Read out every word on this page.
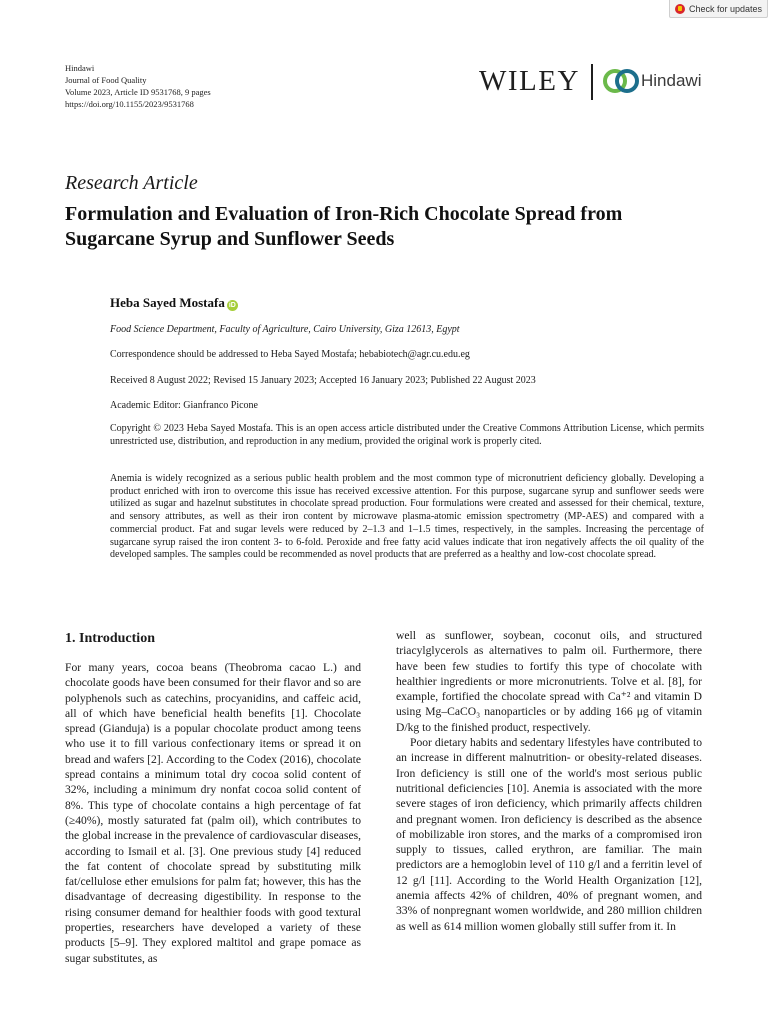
Check for updates
Hindawi
Journal of Food Quality
Volume 2023, Article ID 9531768, 9 pages
https://doi.org/10.1155/2023/9531768
WILEY	Hindawi
Research Article
Formulation and Evaluation of Iron-Rich Chocolate Spread from Sugarcane Syrup and Sunflower Seeds
Heba Sayed Mostafa iD
Food Science Department, Faculty of Agriculture, Cairo University, Giza 12613, Egypt
Correspondence should be addressed to Heba Sayed Mostafa; hebabiotech@agr.cu.edu.eg
Received 8 August 2022; Revised 15 January 2023; Accepted 16 January 2023; Published 22 August 2023
Academic Editor: Gianfranco Picone
Copyright © 2023 Heba Sayed Mostafa. This is an open access article distributed under the Creative Commons Attribution License, which permits unrestricted use, distribution, and reproduction in any medium, provided the original work is properly cited.
Anemia is widely recognized as a serious public health problem and the most common type of micronutrient deficiency globally. Developing a product enriched with iron to overcome this issue has received excessive attention. For this purpose, sugarcane syrup and sunflower seeds were utilized as sugar and hazelnut substitutes in chocolate spread production. Four formulations were created and assessed for their chemical, texture, and sensory attributes, as well as their iron content by microwave plasma-atomic emission spectrometry (MP-AES) and compared with a commercial product. Fat and sugar levels were reduced by 2–1.3 and 1–1.5 times, respectively, in the samples. Increasing the percentage of sugarcane syrup raised the iron content 3- to 6-fold. Peroxide and free fatty acid values indicate that iron negatively affects the oil quality of the developed samples. The samples could be recommended as novel products that are preferred as a healthy and low-cost chocolate spread.
1. Introduction

For many years, cocoa beans (Theobroma cacao L.) and chocolate goods have been consumed for their flavor and so are polyphenols such as catechins, procyanidins, and caffeic acid, all of which have beneficial health benefits [1]. Chocolate spread (Gianduja) is a popular chocolate product among teens who use it to fill various confectionary items or spread it on bread and wafers [2]. According to the Codex (2016), chocolate spread contains a minimum total dry cocoa solid content of 32%, including a minimum dry nonfat cocoa solid content of 8%. This type of chocolate contains a high percentage of fat (≥40%), mostly saturated fat (palm oil), which contributes to the global increase in the prevalence of cardiovascular diseases, according to Ismail et al. [3]. One previous study [4] reduced the fat content of chocolate spread by substituting milk fat/cellulose ether emulsions for palm fat; however, this has the disadvantage of decreasing digestibility. In response to the rising consumer demand for healthier foods with good textural properties, researchers have developed a variety of these products [5–9]. They explored maltitol and grape pomace as sugar substitutes, as

well as sunflower, soybean, coconut oils, and structured triacylglycerols as alternatives to palm oil. Furthermore, there have been few studies to fortify this type of chocolate with healthier ingredients or more micronutrients. Tolve et al. [8], for example, fortified the chocolate spread with Ca⁺² and vitamin D using Mg–CaCO₃ nanoparticles or by adding 166 μg of vitamin D/kg to the finished product, respectively.

Poor dietary habits and sedentary lifestyles have contributed to an increase in different malnutrition- or obesity-related diseases. Iron deficiency is still one of the world's most serious public nutritional deficiencies [10]. Anemia is associated with the more severe stages of iron deficiency, which primarily affects children and pregnant women. Iron deficiency is described as the absence of mobilizable iron stores, and the marks of a compromised iron supply to tissues, called erythron, are familiar. The main predictors are a hemoglobin level of 110 g/l and a ferritin level of 12 g/l [11]. According to the World Health Organization [12], anemia affects 42% of children, 40% of pregnant women, and 33% of nonpregnant women worldwide, and 280 million children as well as 614 million women globally still suffer from it. In
